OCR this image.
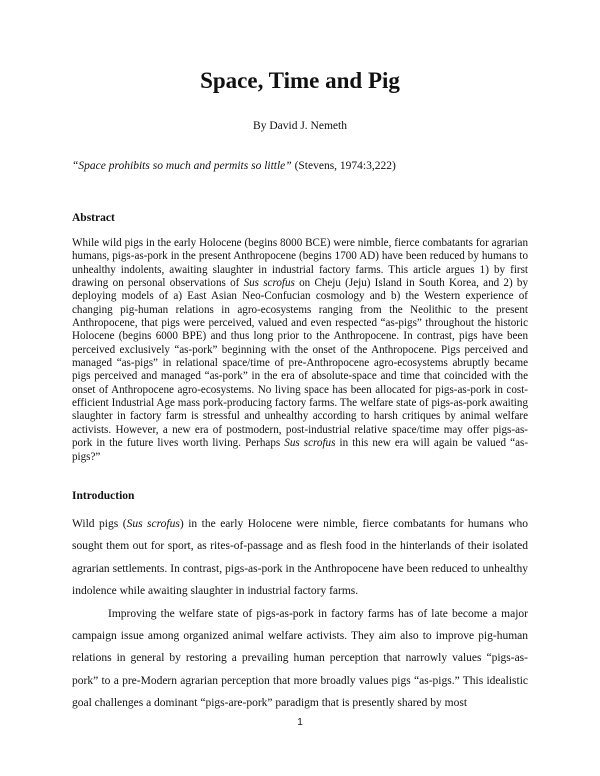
Space, Time and Pig
By David J. Nemeth
“Space prohibits so much and permits so little” (Stevens, 1974:3,222)
Abstract

While wild pigs in the early Holocene (begins 8000 BCE) were nimble, fierce combatants for agrarian humans, pigs-as-pork in the present Anthropocene (begins 1700 AD) have been reduced by humans to unhealthy indolents, awaiting slaughter in industrial factory farms. This article argues 1) by first drawing on personal observations of Sus scrofus on Cheju (Jeju) Island in South Korea, and 2) by deploying models of a) East Asian Neo-Confucian cosmology and b) the Western experience of changing pig-human relations in agro-ecosystems ranging from the Neolithic to the present Anthropocene, that pigs were perceived, valued and even respected “as-pigs” throughout the historic Holocene (begins 6000 BPE) and thus long prior to the Anthropocene. In contrast, pigs have been perceived exclusively “as-pork” beginning with the onset of the Anthropocene. Pigs perceived and managed “as-pigs” in relational space/time of pre-Anthropocene agro-ecosystems abruptly became pigs perceived and managed “as-pork” in the era of absolute-space and time that coincided with the onset of Anthropocene agro-ecosystems. No living space has been allocated for pigs-as-pork in cost-efficient Industrial Age mass pork-producing factory farms. The welfare state of pigs-as-pork awaiting slaughter in factory farm is stressful and unhealthy according to harsh critiques by animal welfare activists. However, a new era of postmodern, post-industrial relative space/time may offer pigs-as-pork in the future lives worth living. Perhaps Sus scrofus in this new era will again be valued “as-pigs?”

Introduction

Wild pigs (Sus scrofus) in the early Holocene were nimble, fierce combatants for humans who sought them out for sport, as rites-of-passage and as flesh food in the hinterlands of their isolated agrarian settlements. In contrast, pigs-as-pork in the Anthropocene have been reduced to unhealthy indolence while awaiting slaughter in industrial factory farms.

Improving the welfare state of pigs-as-pork in factory farms has of late become a major campaign issue among organized animal welfare activists. They aim also to improve pig-human relations in general by restoring a prevailing human perception that narrowly values “pigs-as-pork” to a pre-Modern agrarian perception that more broadly values pigs “as-pigs.” This idealistic goal challenges a dominant “pigs-are-pork” paradigm that is presently shared by most

1
